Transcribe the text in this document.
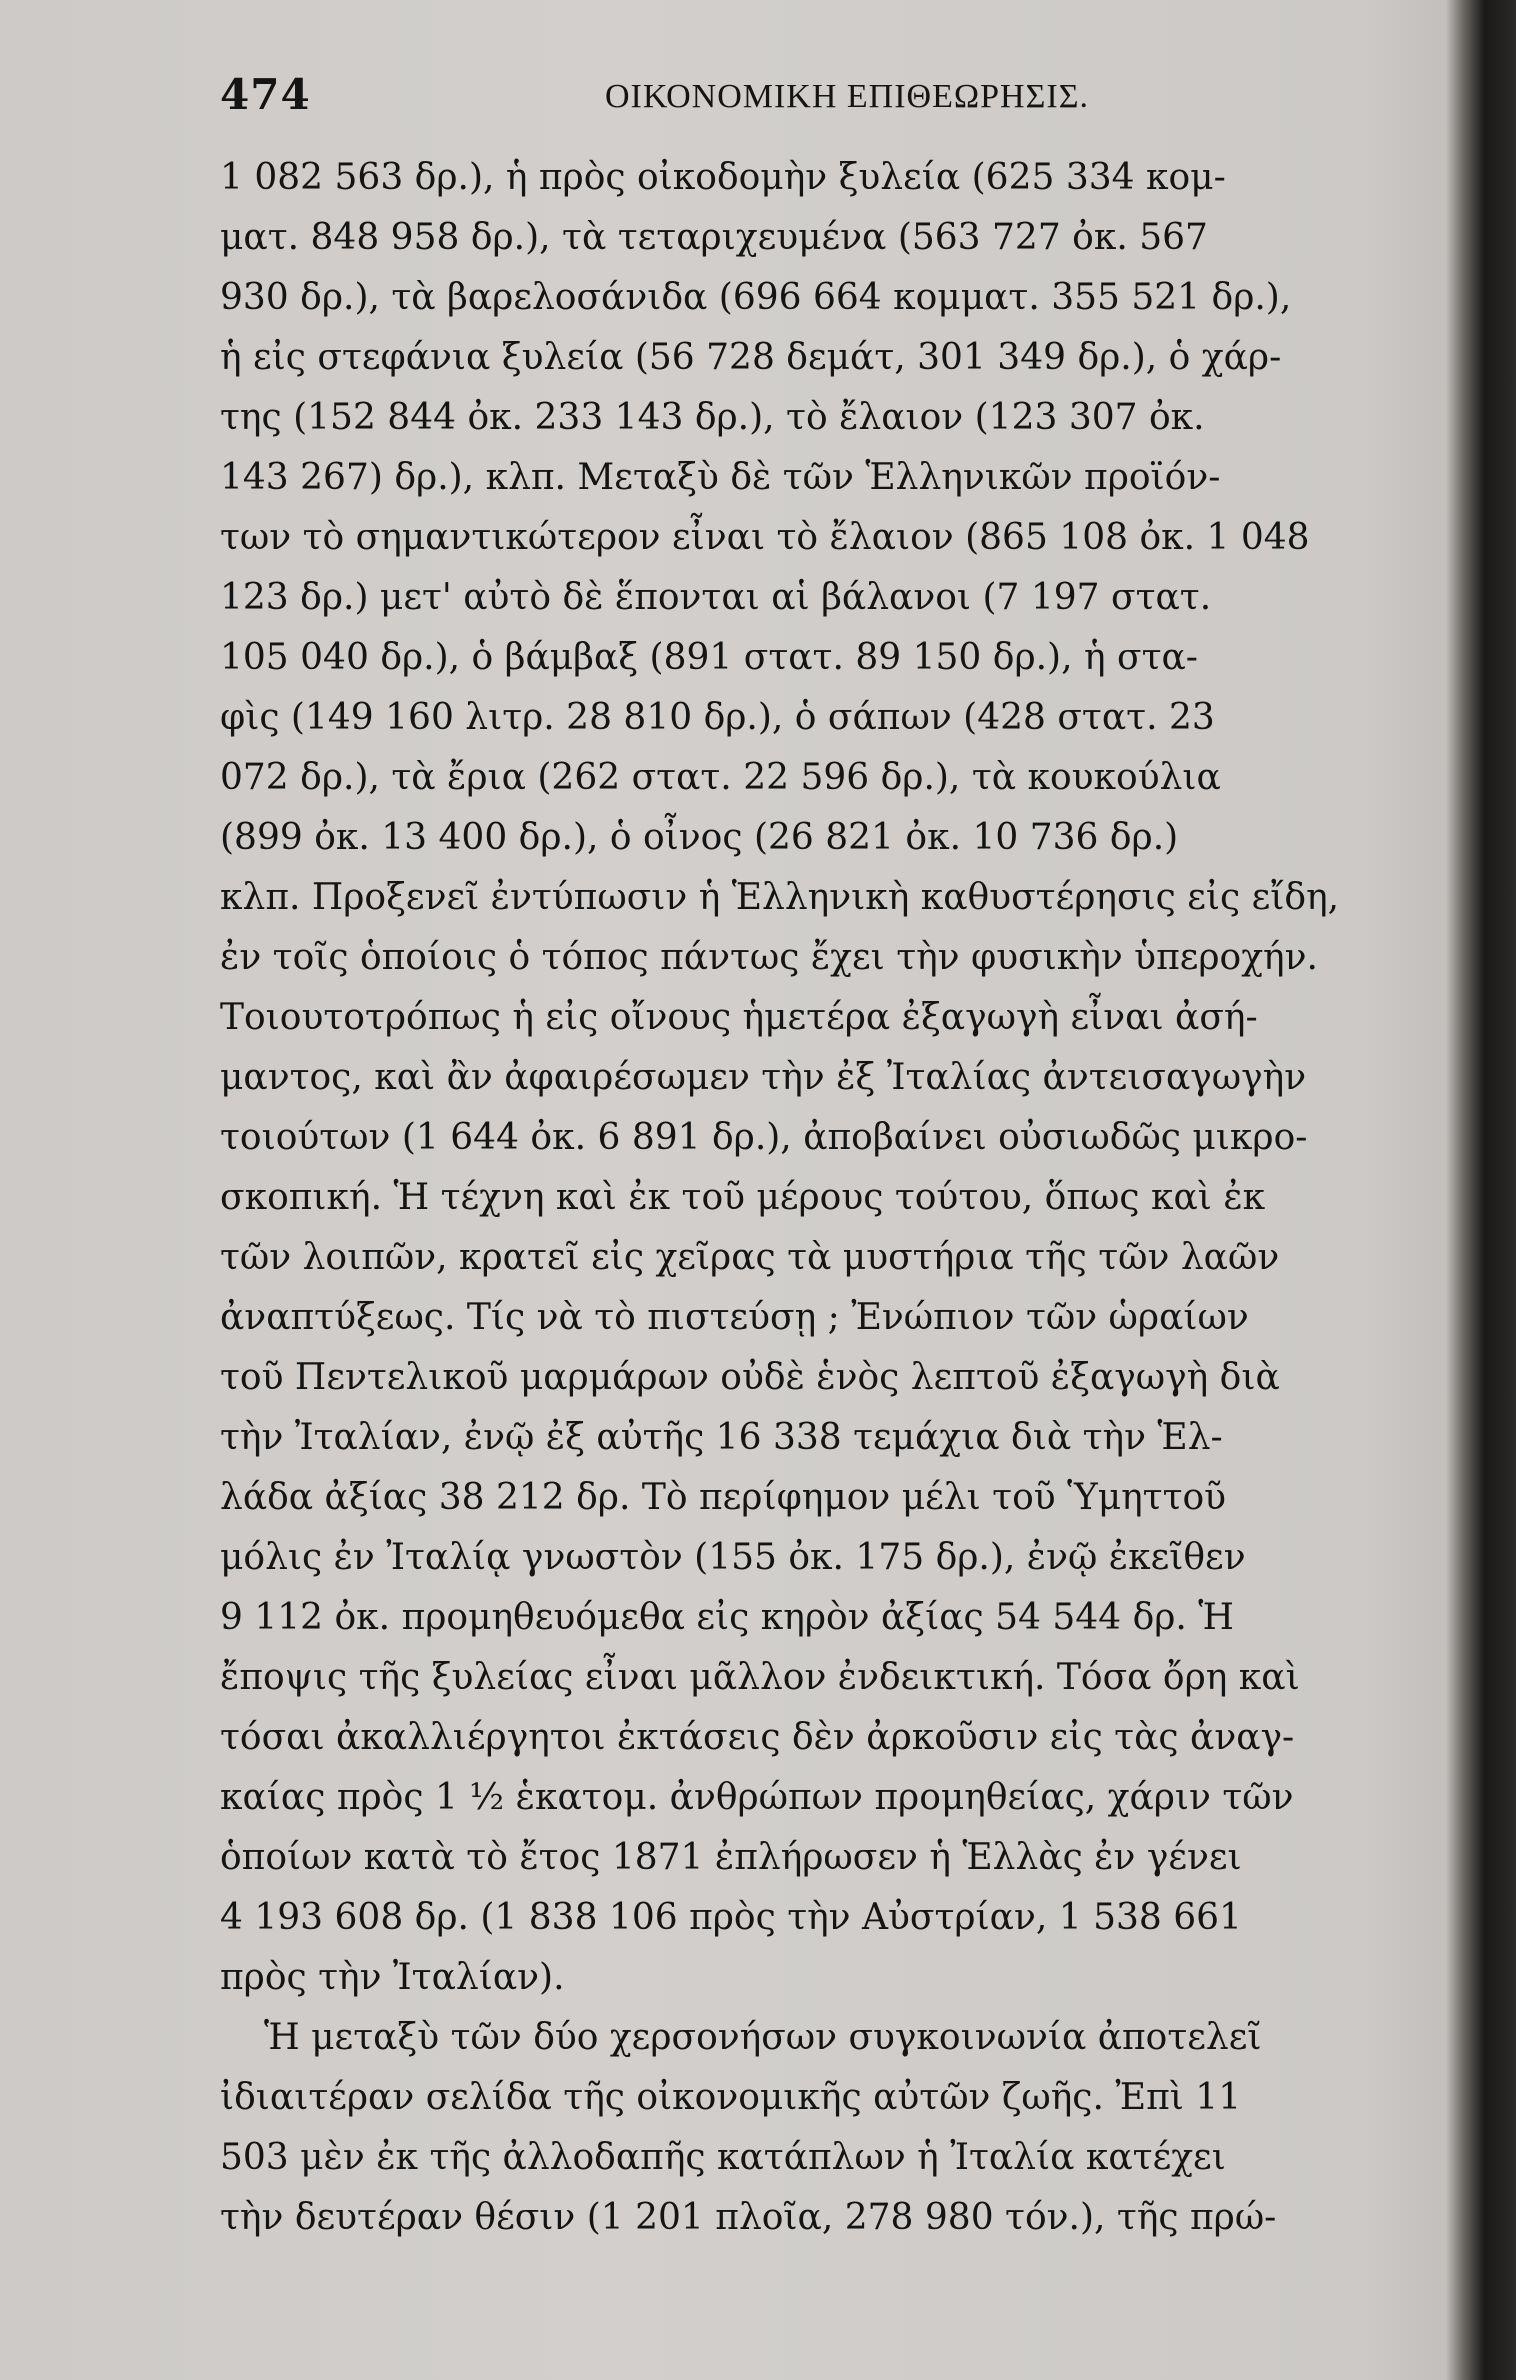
474	ΟΙΚΟΝΟΜΙΚΗ ΕΠΙΘΕΩΡΗΣΙΣ.
1 082 563 δρ.), ἡ πρὸς οἰκοδομὴν ξυλεία (625 334 κομ-
ματ. 848 958 δρ.), τὰ τεταριχευμένα (563 727 ὀκ. 567
930 δρ.), τὰ βαρελοσάνιδα (696 664 κομματ. 355 521 δρ.),
ἡ εἰς στεφάνια ξυλεία (56 728 δεμάτ, 301 349 δρ.), ὁ χάρ-
της (152 844 ὀκ. 233 143 δρ.), τὸ ἔλαιον (123 307 ὀκ.
143 267) δρ.), κλπ. Μεταξὺ δὲ τῶν Ἑλληνικῶν προϊόν-
των τὸ σημαντικώτερον εἶναι τὸ ἔλαιον (865 108 ὀκ. 1 048
123 δρ.) μετ' αὐτὸ δὲ ἕπονται αἱ βάλανοι (7 197 στατ.
105 040 δρ.), ὁ βάμβαξ (891 στατ. 89 150 δρ.), ἡ στα-
φὶς (149 160 λιτρ. 28 810 δρ.), ὁ σάπων (428 στατ. 23
072 δρ.), τὰ ἔρια (262 στατ. 22 596 δρ.), τὰ κουκούλια
(899 ὀκ. 13 400 δρ.), ὁ οἶνος (26 821 ὀκ. 10 736 δρ.)
κλπ. Προξενεῖ ἐντύπωσιν ἡ Ἑλληνικὴ καθυστέρησις εἰς εἴδη,
ἐν τοῖς ὁποίοις ὁ τόπος πάντως ἔχει τὴν φυσικὴν ὑπεροχήν.
Τοιουτοτρόπως ἡ εἰς οἴνους ἡμετέρα ἐξαγωγὴ εἶναι ἀσή-
μαντος, καὶ ἂν ἀφαιρέσωμεν τὴν ἐξ Ἰταλίας ἀντεισαγωγὴν
τοιούτων (1 644 ὀκ. 6 891 δρ.), ἀποβαίνει οὐσιωδῶς μικρο-
σκοπική. Ἡ τέχνη καὶ ἐκ τοῦ μέρους τούτου, ὅπως καὶ ἐκ
τῶν λοιπῶν, κρατεῖ εἰς χεῖρας τὰ μυστήρια τῆς τῶν λαῶν
ἀναπτύξεως. Τίς νὰ τὸ πιστεύσῃ ; Ἐνώπιον τῶν ὡραίων
τοῦ Πεντελικοῦ μαρμάρων οὐδὲ ἑνὸς λεπτοῦ ἐξαγωγὴ διὰ
τὴν Ἰταλίαν, ἐνῷ ἐξ αὐτῆς 16 338 τεμάχια διὰ τὴν Ἑλ-
λάδα ἀξίας 38 212 δρ. Τὸ περίφημον μέλι τοῦ Ὑμηττοῦ
μόλις ἐν Ἰταλίᾳ γνωστὸν (155 ὀκ. 175 δρ.), ἐνῷ ἐκεῖθεν
9 112 ὀκ. προμηθευόμεθα εἰς κηρὸν ἀξίας 54 544 δρ. Ἡ
ἔποψις τῆς ξυλείας εἶναι μᾶλλον ἐνδεικτική. Τόσα ὄρη καὶ
τόσαι ἀκαλλιέργητοι ἐκτάσεις δὲν ἀρκοῦσιν εἰς τὰς ἀναγ-
καίας πρὸς 1 ½ ἑκατομ. ἀνθρώπων προμηθείας, χάριν τῶν
ὁποίων κατὰ τὸ ἔτος 1871 ἐπλήρωσεν ἡ Ἑλλὰς ἐν γένει
4 193 608 δρ. (1 838 106 πρὸς τὴν Αὐστρίαν, 1 538 661
πρὸς τὴν Ἰταλίαν).
Ἡ μεταξὺ τῶν δύο χερσονήσων συγκοινωνία ἀποτελεῖ
ἰδιαιτέραν σελίδα τῆς οἰκονομικῆς αὐτῶν ζωῆς. Ἐπὶ 11
503 μὲν ἐκ τῆς ἀλλοδαπῆς κατάπλων ἡ Ἰταλία κατέχει
τὴν δευτέραν θέσιν (1 201 πλοῖα, 278 980 τόν.), τῆς πρώ-
